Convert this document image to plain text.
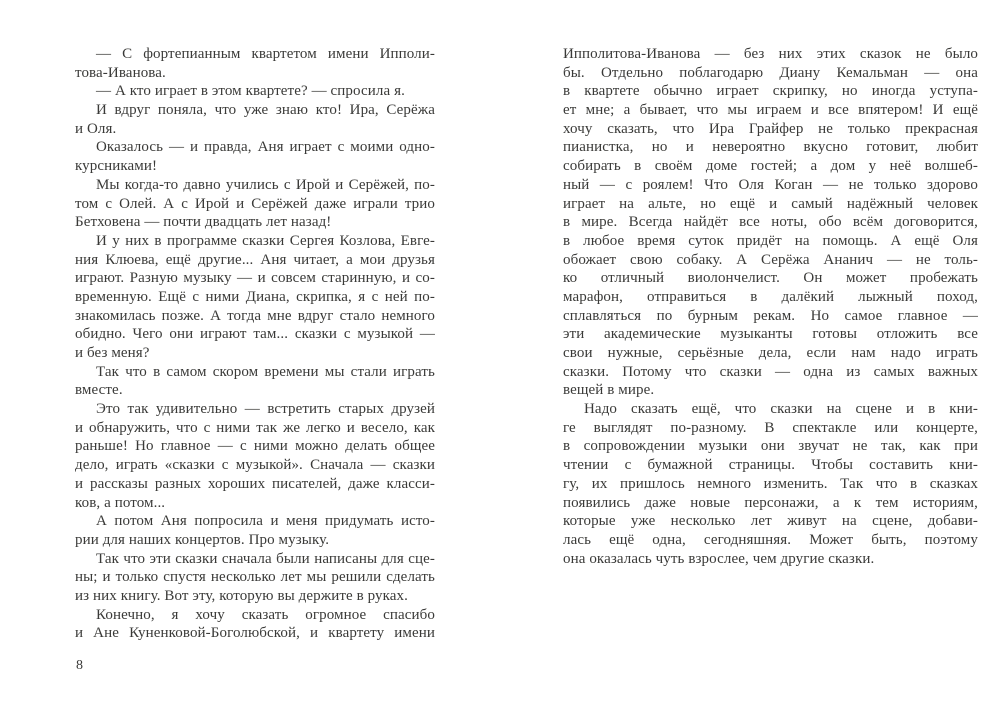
— С фортепианным квартетом имени Ипполи-
това-Иванова.
— А кто играет в этом квартете? — спросила я.
И вдруг поняла, что уже знаю кто! Ира, Серёжа
и Оля.
Оказалось — и правда, Аня играет с моими одно-
курсниками!
Мы когда-то давно учились с Ирой и Серёжей, по-
том с Олей. А с Ирой и Серёжей даже играли трио
Бетховена — почти двадцать лет назад!
И у них в программе сказки Сергея Козлова, Евге-
ния Клюева, ещё другие... Аня читает, а мои друзья
играют. Разную музыку — и совсем старинную, и со-
временную. Ещё с ними Диана, скрипка, я с ней по-
знакомилась позже. А тогда мне вдруг стало немного
обидно. Чего они играют там... сказки с музыкой —
и без меня?
Так что в самом скором времени мы стали играть
вместе.
Это так удивительно — встретить старых друзей
и обнаружить, что с ними так же легко и весело, как
раньше! Но главное — с ними можно делать общее
дело, играть «сказки с музыкой». Сначала — сказки
и рассказы разных хороших писателей, даже класси-
ков, а потом...
А потом Аня попросила и меня придумать исто-
рии для наших концертов. Про музыку.
Так что эти сказки сначала были написаны для сце-
ны; и только спустя несколько лет мы решили сделать
из них книгу. Вот эту, которую вы держите в руках.
Конечно, я хочу сказать огромное спасибо
и Ане Куненковой-Боголюбской, и квартету имени
Ипполитова-Иванова — без них этих сказок не было
бы. Отдельно поблагодарю Диану Кемальман — она
в квартете обычно играет скрипку, но иногда уступа-
ет мне; а бывает, что мы играем и все впятером! И ещё
хочу сказать, что Ира Грайфер не только прекрасная
пианистка, но и невероятно вкусно готовит, любит
собирать в своём доме гостей; а дом у неё волшеб-
ный — с роялем! Что Оля Коган — не только здорово
играет на альте, но ещё и самый надёжный человек
в мире. Всегда найдёт все ноты, обо всём договорится,
в любое время суток придёт на помощь. А ещё Оля
обожает свою собаку. А Серёжа Ананич — не толь-
ко отличный виолончелист. Он может пробежать
марафон, отправиться в далёкий лыжный поход,
сплавляться по бурным рекам. Но самое главное —
эти академические музыканты готовы отложить все
свои нужные, серьёзные дела, если нам надо играть
сказки. Потому что сказки — одна из самых важных
вещей в мире.
Надо сказать ещё, что сказки на сцене и в кни-
ге выглядят по-разному. В спектакле или концерте,
в сопровождении музыки они звучат не так, как при
чтении с бумажной страницы. Чтобы составить кни-
гу, их пришлось немного изменить. Так что в сказках
появились даже новые персонажи, а к тем историям,
которые уже несколько лет живут на сцене, добави-
лась ещё одна, сегодняшняя. Может быть, поэтому
она оказалась чуть взрослее, чем другие сказки.
8
